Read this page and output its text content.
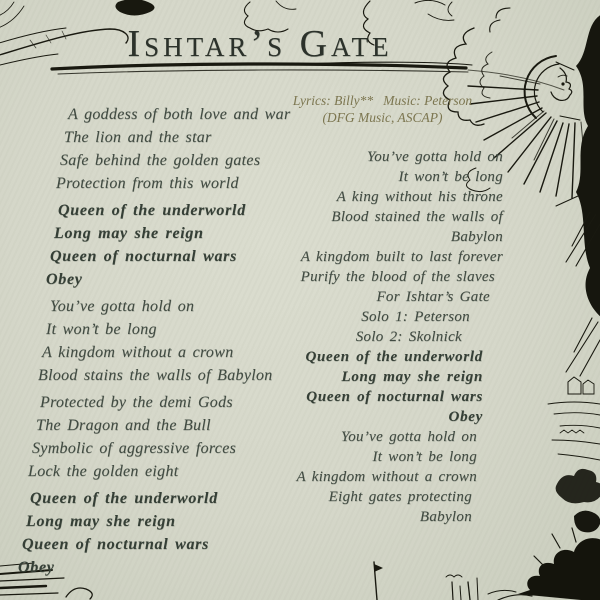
Ishtar’s Gate
Lyrics: Billy**   Music: Peterson
(DFG Music, ASCAP)
A goddess of both love and war
The lion and the star
Safe behind the golden gates
Protection from this world
Queen of the underworld
Long may she reign
Queen of nocturnal wars
Obey
You’ve gotta hold on
It won’t be long
A kingdom without a crown
Blood stains the walls of Babylon
Protected by the demi Gods
The Dragon and the Bull
Symbolic of aggressive forces
Lock the golden eight
Queen of the underworld
Long may she reign
Queen of nocturnal wars
Obey
You’ve gotta hold on
It won’t be long
A king without his throne
Blood stained the walls of Babylon
A kingdom built to last forever
Purify the blood of the slaves
For Ishtar’s Gate
Solo 1: Peterson
Solo 2: Skolnick
Queen of the underworld
Long may she reign
Queen of nocturnal wars
Obey
You’ve gotta hold on
It won’t be long
A kingdom without a crown
Eight gates protecting Babylon
